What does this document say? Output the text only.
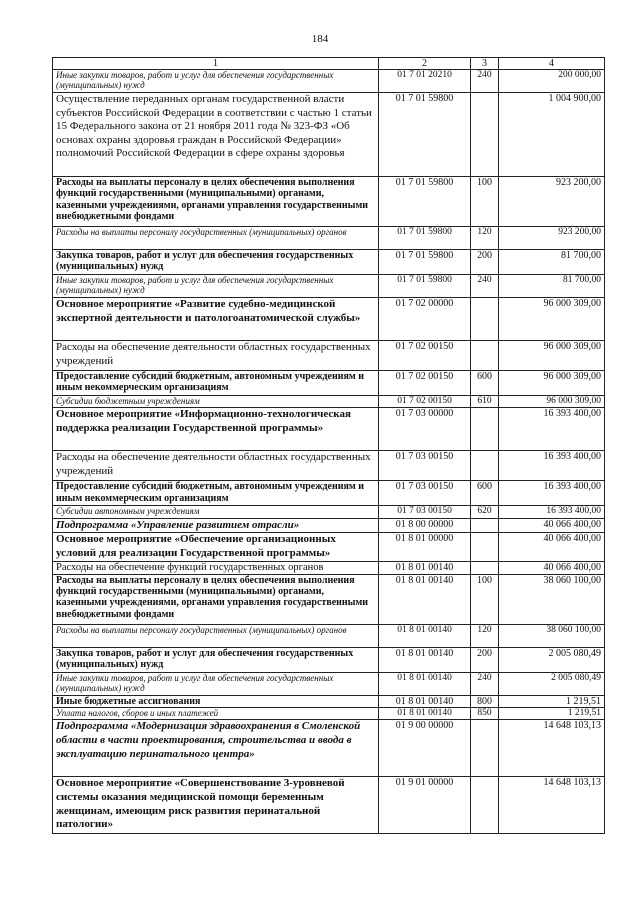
184
1	2	3	4
Иные закупки товаров, работ и услуг для обеспечения государственных (муниципальных) нужд	01 7 01 20210	240	200 000,00
Осуществление переданных органам государственной власти субъектов Российской Федерации в соответствии с частью 1 статьи 15 Федерального закона от 21 ноября 2011 года № 323-ФЗ «Об основах охраны здоровья граждан в Российской Федерации» полномочий Российской Федерации в сфере охраны здоровья	01 7 01 59800		1 004 900,00
Расходы на выплаты персоналу в целях обеспечения выполнения функций государственными (муниципальными) органами, казенными учреждениями, органами управления государственными внебюджетными фондами	01 7 01 59800	100	923 200,00
Расходы на выплаты персоналу государственных (муниципальных) органов	01 7 01 59800	120	923 200,00
Закупка товаров, работ и услуг для обеспечения государственных (муниципальных) нужд	01 7 01 59800	200	81 700,00
Иные закупки товаров, работ и услуг для обеспечения государственных (муниципальных) нужд	01 7 01 59800	240	81 700,00
Основное мероприятие «Развитие судебно-медицинской экспертной деятельности и патологоанатомической службы»	01 7 02 00000		96 000 309,00
Расходы на обеспечение деятельности областных государственных учреждений	01 7 02 00150		96 000 309,00
Предоставление субсидий бюджетным, автономным учреждениям и иным некоммерческим организациям	01 7 02 00150	600	96 000 309,00
Субсидии бюджетным учреждениям	01 7 02 00150	610	96 000 309,00
Основное мероприятие «Информационно-технологическая поддержка реализации Государственной программы»	01 7 03 00000		16 393 400,00
Расходы на обеспечение деятельности областных государственных учреждений	01 7 03 00150		16 393 400,00
Предоставление субсидий бюджетным, автономным учреждениям и иным некоммерческим организациям	01 7 03 00150	600	16 393 400,00
Субсидии автономным учреждениям	01 7 03 00150	620	16 393 400,00
Подпрограмма «Управление развитием отрасли»	01 8 00 00000		40 066 400,00
Основное мероприятие «Обеспечение организационных условий для реализации Государственной программы»	01 8 01 00000		40 066 400,00
Расходы на обеспечение функций государственных органов	01 8 01 00140		40 066 400,00
Расходы на выплаты персоналу в целях обеспечения выполнения функций государственными (муниципальными) органами, казенными учреждениями, органами управления государственными внебюджетными фондами	01 8 01 00140	100	38 060 100,00
Расходы на выплаты персоналу государственных (муниципальных) органов	01 8 01 00140	120	38 060 100,00
Закупка товаров, работ и услуг для обеспечения государственных (муниципальных) нужд	01 8 01 00140	200	2 005 080,49
Иные закупки товаров, работ и услуг для обеспечения государственных (муниципальных) нужд	01 8 01 00140	240	2 005 080,49
Иные бюджетные ассигнования	01 8 01 00140	800	1 219,51
Уплата налогов, сборов и иных платежей	01 8 01 00140	850	1 219,51
Подпрограмма «Модернизация здравоохранения в Смоленской области в части проектирования, строительства и ввода в эксплуатацию перинатального центра»	01 9 00 00000		14 648 103,13
Основное мероприятие «Совершенствование 3-уровневой системы оказания медицинской помощи беременным женщинам, имеющим риск развития перинатальной патологии»	01 9 01 00000		14 648 103,13
